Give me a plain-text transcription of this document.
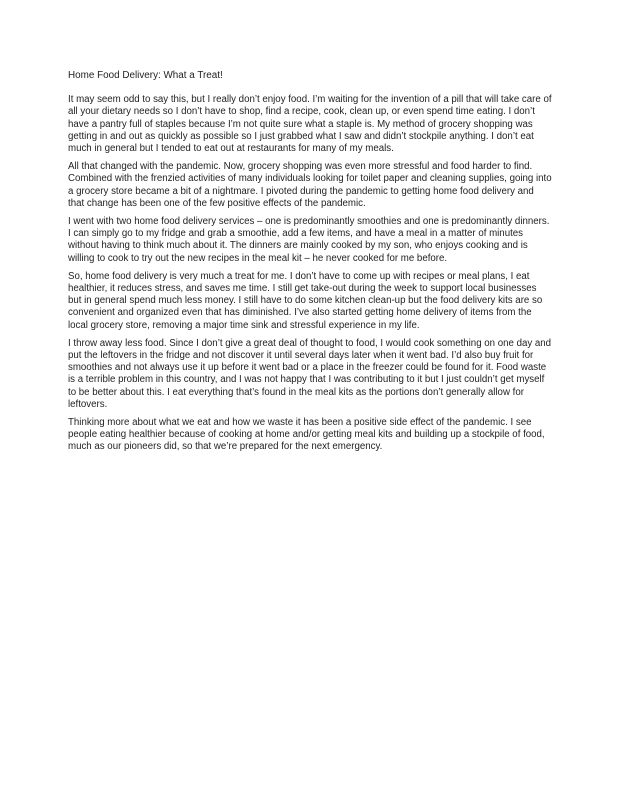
Home Food Delivery: What a Treat!

It may seem odd to say this, but I really don’t enjoy food. I’m waiting for the invention of a pill that will take care of all your dietary needs so I don’t have to shop, find a recipe, cook, clean up, or even spend time eating. I don’t have a pantry full of staples because I’m not quite sure what a staple is. My method of grocery shopping was getting in and out as quickly as possible so I just grabbed what I saw and didn’t stockpile anything. I don’t eat much in general but I tended to eat out at restaurants for many of my meals.

All that changed with the pandemic. Now, grocery shopping was even more stressful and food harder to find. Combined with the frenzied activities of many individuals looking for toilet paper and cleaning supplies, going into a grocery store became a bit of a nightmare. I pivoted during the pandemic to getting home food delivery and that change has been one of the few positive effects of the pandemic.

I went with two home food delivery services – one is predominantly smoothies and one is predominantly dinners. I can simply go to my fridge and grab a smoothie, add a few items, and have a meal in a matter of minutes without having to think much about it. The dinners are mainly cooked by my son, who enjoys cooking and is willing to cook to try out the new recipes in the meal kit – he never cooked for me before.

So, home food delivery is very much a treat for me. I don’t have to come up with recipes or meal plans, I eat healthier, it reduces stress, and saves me time. I still get take-out during the week to support local businesses but in general spend much less money. I still have to do some kitchen clean-up but the food delivery kits are so convenient and organized even that has diminished. I’ve also started getting home delivery of items from the local grocery store, removing a major time sink and stressful experience in my life.

I throw away less food. Since I don’t give a great deal of thought to food, I would cook something on one day and put the leftovers in the fridge and not discover it until several days later when it went bad. I’d also buy fruit for smoothies and not always use it up before it went bad or a place in the freezer could be found for it. Food waste is a terrible problem in this country, and I was not happy that I was contributing to it but I just couldn’t get myself to be better about this. I eat everything that’s found in the meal kits as the portions don’t generally allow for leftovers.

Thinking more about what we eat and how we waste it has been a positive side effect of the pandemic. I see people eating healthier because of cooking at home and/or getting meal kits and building up a stockpile of food, much as our pioneers did, so that we’re prepared for the next emergency.
